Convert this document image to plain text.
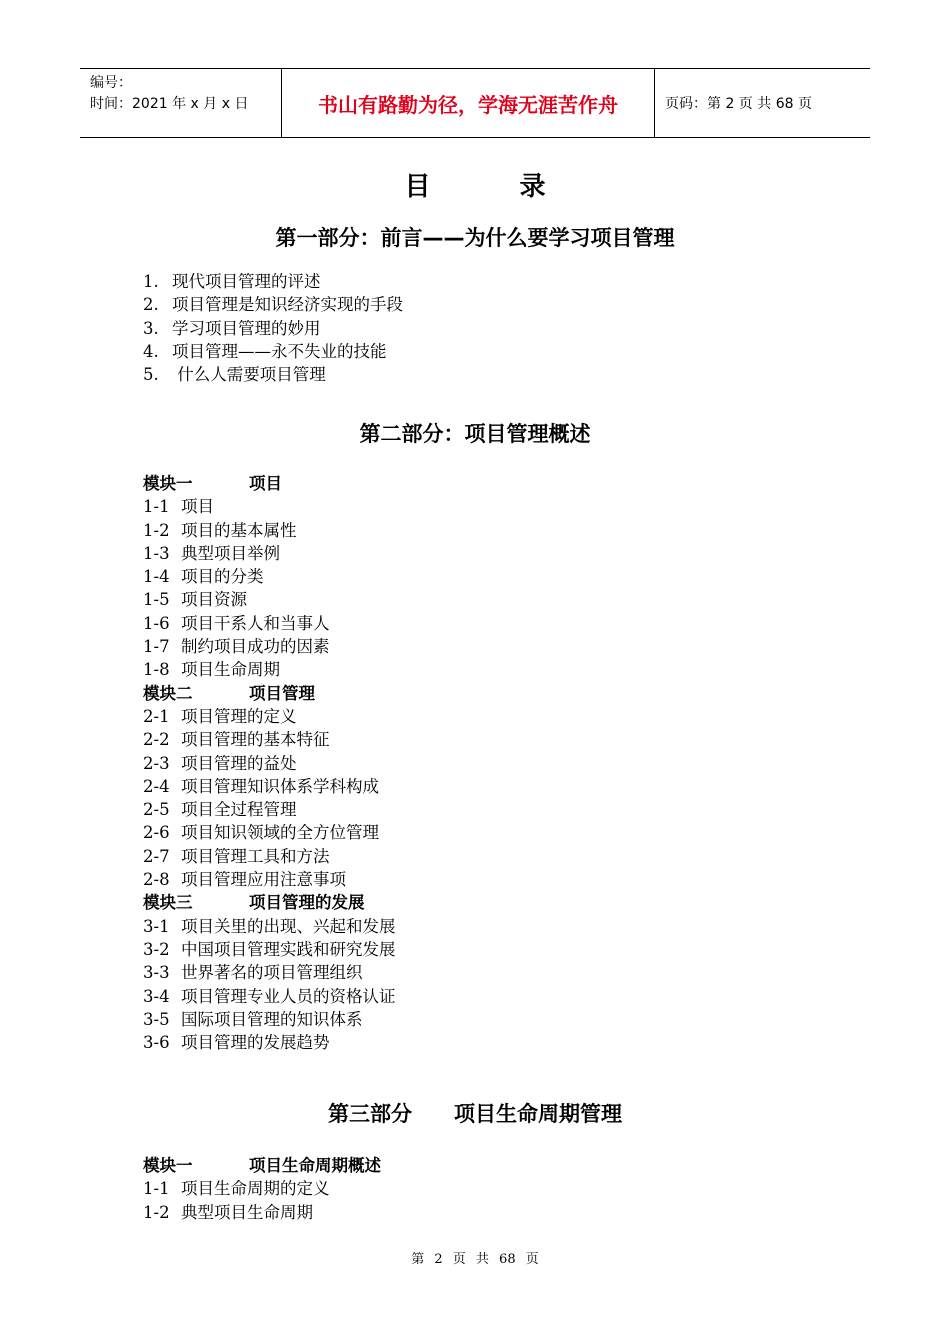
编号：
时间：2021 年 x 月 x 日	书山有路勤为径，学海无涯苦作舟	页码：第 2 页 共 68 页
目 录
第一部分：前言——为什么要学习项目管理
1. 现代项目管理的评述
2. 项目管理是知识经济实现的手段
3. 学习项目管理的妙用
4. 项目管理——永不失业的技能
5. 什么人需要项目管理
第二部分：项目管理概述
模块一	项目
1-1 项目
1-2 项目的基本属性
1-3 典型项目举例
1-4 项目的分类
1-5 项目资源
1-6 项目干系人和当事人
1-7 制约项目成功的因素
1-8 项目生命周期
模块二	项目管理
2-1 项目管理的定义
2-2 项目管理的基本特征
2-3 项目管理的益处
2-4 项目管理知识体系学科构成
2-5 项目全过程管理
2-6 项目知识领域的全方位管理
2-7 项目管理工具和方法
2-8 项目管理应用注意事项
模块三	项目管理的发展
3-1 项目关里的出现、兴起和发展
3-2 中国项目管理实践和研究发展
3-3 世界著名的项目管理组织
3-4 项目管理专业人员的资格认证
3-5 国际项目管理的知识体系
3-6 项目管理的发展趋势
第三部分　　项目生命周期管理
模块一	项目生命周期概述
1-1 项目生命周期的定义
1-2 典型项目生命周期
第 2 页 共 68 页
